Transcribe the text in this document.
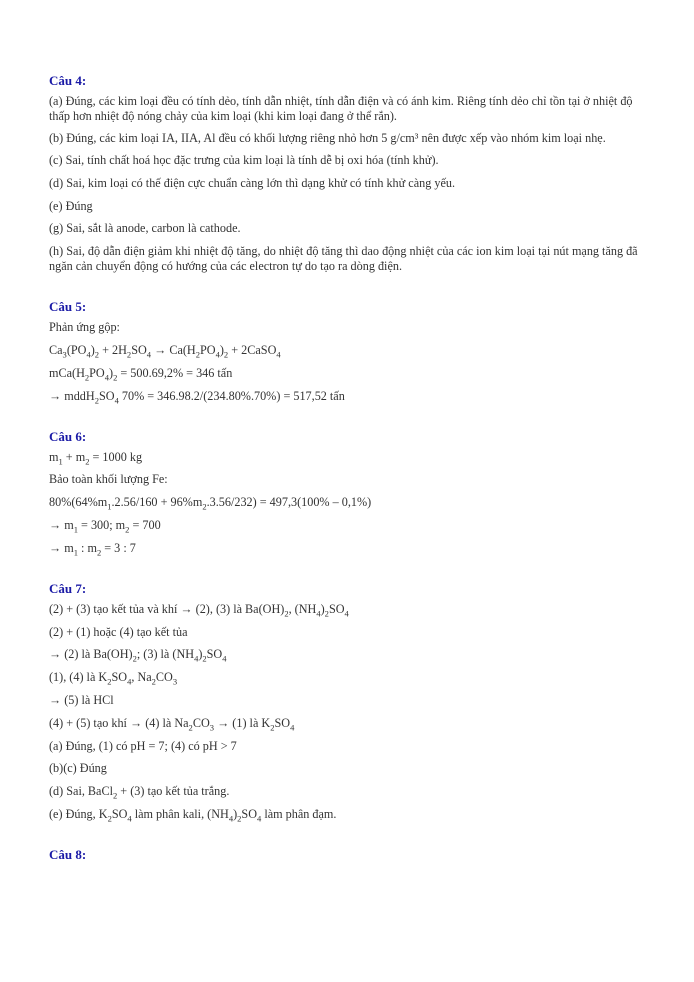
Câu 4:
(a) Đúng, các kim loại đều có tính dẻo, tính dẫn nhiệt, tính dẫn điện và có ánh kim. Riêng tính dẻo chỉ tồn tại ở nhiệt độ thấp hơn nhiệt độ nóng chảy của kim loại (khi kim loại đang ở thể rắn).
(b) Đúng, các kim loại IA, IIA, Al đều có khối lượng riêng nhỏ hơn 5 g/cm³ nên được xếp vào nhóm kim loại nhẹ.
(c) Sai, tính chất hoá học đặc trưng của kim loại là tính dễ bị oxi hóa (tính khử).
(d) Sai, kim loại có thế điện cực chuẩn càng lớn thì dạng khử có tính khử càng yếu.
(e) Đúng
(g) Sai, sắt là anode, carbon là cathode.
(h) Sai, độ dẫn điện giảm khi nhiệt độ tăng, do nhiệt độ tăng thì dao động nhiệt của các ion kim loại tại nút mạng tăng đã ngăn cản chuyển động có hướng của các electron tự do tạo ra dòng điện.
Câu 5:
Phản ứng gộp:
$Ca_3(PO_4)_2 + 2H_2SO_4 \to Ca(H_2PO_4)_2$ + 2CaSO$_4$
$mCa(H_2PO_4)_2 = 500.69,2\% = 346$ tấn
→ $mddH_2SO_4$ 70% = 346.98.2/(234.80%.70%) = 517,52 tấn
Câu 6:
$m_1 + m_2 = 1000$ kg
Bảo toàn khối lượng Fe:
$80\%(64\%m_1.2.56/160 + 96\%m_2.3.56/232) = 497,3(100\% - 0,1\%)$
→ $m_1 = 300$; $m_2 = 700$
→ $m_1$ : $m_2 = 3$ : 7
Câu 7:
(2) + (3) tạo kết tủa và khí → (2), (3) là $Ba(OH)_2$, $(NH_4)_2SO_4$
(2) + (1) hoặc (4) tạo kết tủa
→ (2) là $Ba(OH)_2$; (3) là $(NH_4)_2SO_4$
(1), (4) là $K_2SO_4$, $Na_2CO_3$
→ (5) là HCl
(4) + (5) tạo khí → (4) là $Na_2CO_3 \to (1)$ là $K_2SO_4$
(a) Đúng, (1) có pH = 7; (4) có pH > 7
(b)(c) Đúng
(d) Sai, BaCl$_2$ + (3) tạo kết tủa trắng.
(e) Đúng, $K_2SO_4$ làm phân kali, $(NH_4)_2SO_4$ làm phân đạm.
Câu 8:
